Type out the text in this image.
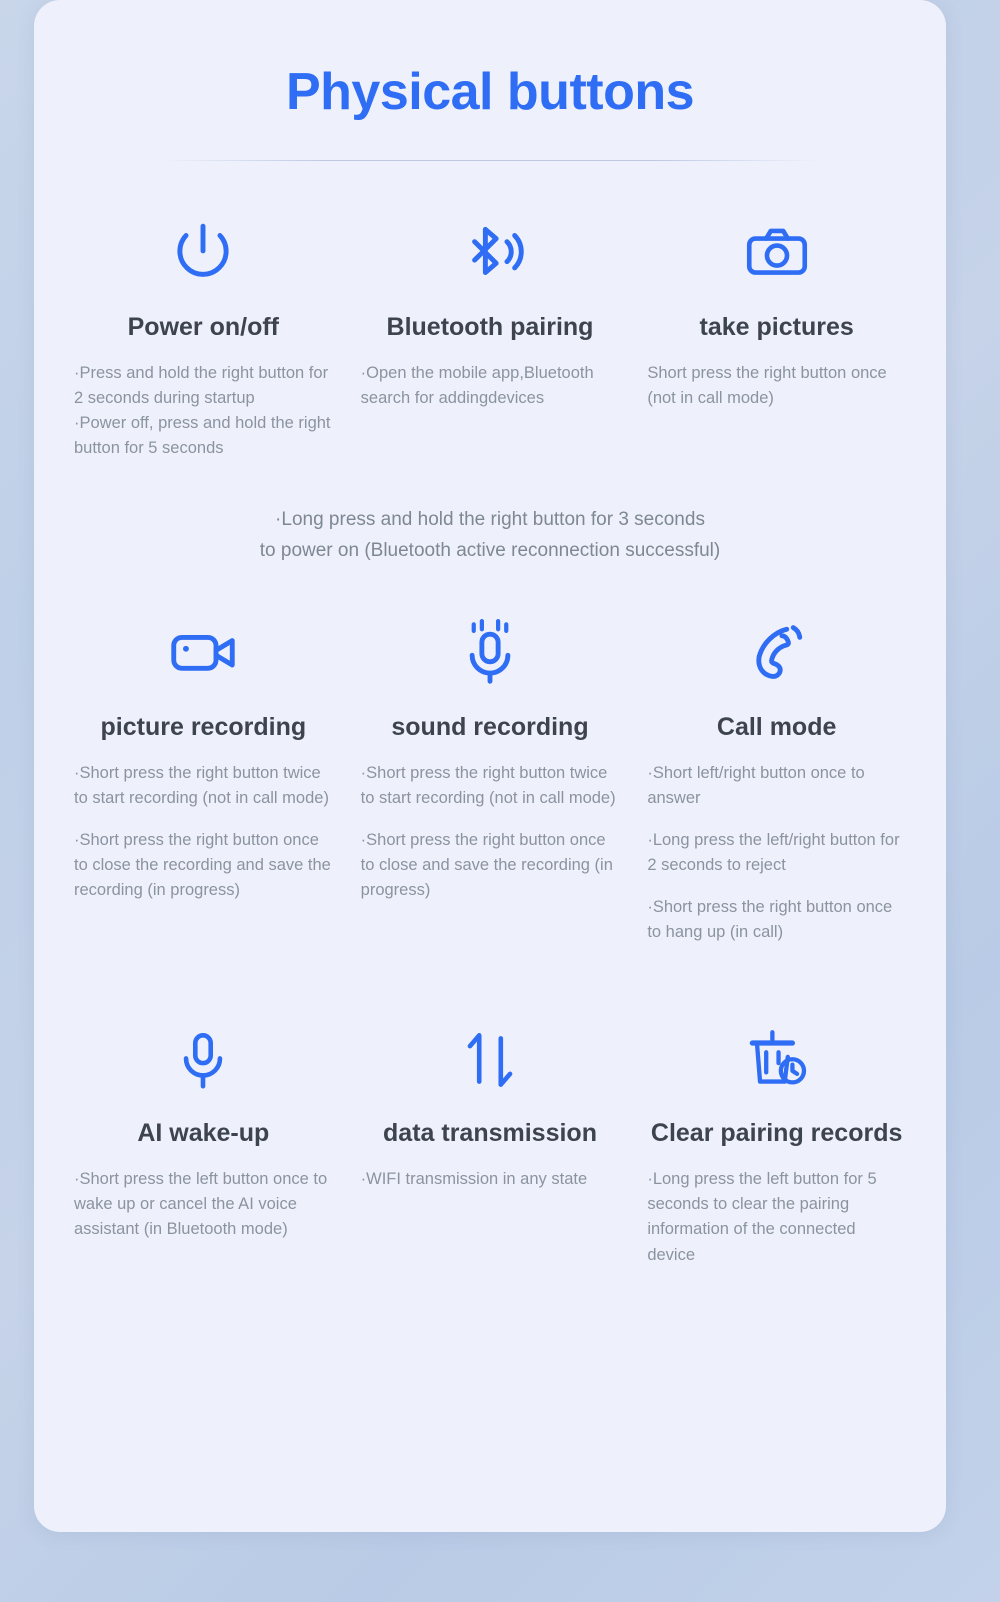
Physical buttons
Power on/off
·Press and hold the right button for 2 seconds during startup
·Power off, press and hold the right button for 5 seconds
Bluetooth pairing
·Open the mobile app,Bluetooth search for addingdevices
take pictures
Short press the right button once (not in call mode)
·Long press and hold the right button for 3 seconds
to power on (Bluetooth active reconnection successful)
picture recording
·Short press the right button twice to start recording (not in call mode)
·Short press the right button once to close the recording and save the recording (in progress)
sound recording
·Short press the right button twice to start recording (not in call mode)
·Short press the right button once to close and save the recording (in progress)
Call mode
·Short left/right button once to answer
·Long press the left/right button for 2 seconds to reject
·Short press the right button once to hang up (in call)
AI wake-up
·Short press the left button once to wake up or cancel the AI voice assistant (in Bluetooth mode)
data transmission
·WIFI transmission in any state
Clear pairing records
·Long press the left button for 5 seconds to clear the pairing information of the connected device
